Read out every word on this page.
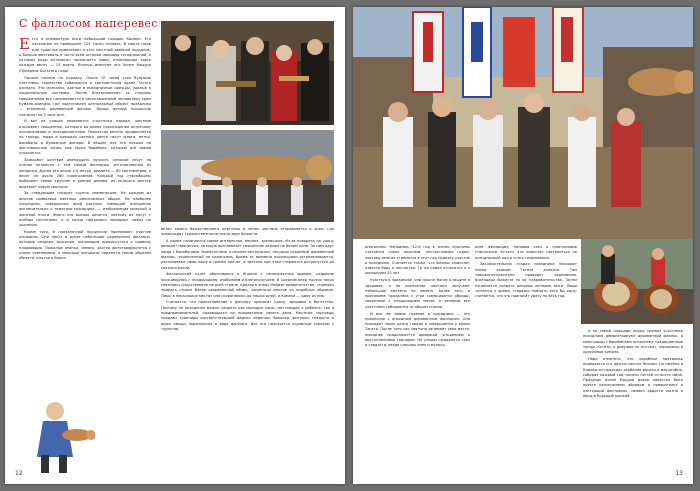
С фаллосом наперевес
Е сть в префектуре Аити небольшой городок Комаки. Его население не превышает 125 тысяч человек. В марте сюда для туристов привлекает в этот местный двойной праздник, а больше фестиваль в честь всей истории природы сегодняшний, о котором рады интересно посмотреть люди, отмечающие здесь каждую весну — 15 марта. Японцы именуют его Хонэн Мацури (Праздник Богатого года).

Однако начнем по порядку. Около 10 часов утра будущие участники торжества собираются в синтоистском храме Тагата дзиндзя. Это мужчины, одетые в праздничные одежды, удалые в национальные костюмы. После благословения со стороны священников все направляются в расположенный неподалеку храм Кумано-дзиндзя, где подготовлен центральный объект праздника — огромный деревянный фаллос. Выход данной процессии назначен на 2 часа дня.

И вот на улицах появляется участники парада, шествие открывает священник, которого во время прохождения встречают песнопениями и аплодисментами. Процессия весело продвигается по городу, люди в одеждах разного цвета несут флаги, ветки, барабаны и бумажные фонари. В общем, все это похоже на фестивальный танец под звуки барабана, который всё время ускоряется.

Замыкают шествие двенадцать мужчин, которые несут на плечах паланкин с тем самым фаллосом, изготовленным из кипариса. Длина его около 2,5 метра, диаметр — 60 сантиметров, а весит он около 280 килограммов. Каждый год старейшины выбирают самое крупное и ровное дерево, из которого мастер вырезает новую святыню.

За следующим следует группа знаменосцев. На каждом из флагов символика местных религиозных общин. Но наиболее популярны, совершенно иной рисунок, имеющий отношение исключительно к тематике праздника, — изображения мужской и женской плоти. Флаги эти высоко ценятся, поэтому их несут с особым почтением, а в конце праздника передают храму на хранение.

Кроме того, в праздничной процессии принимают участие женщины. Они несут в руках небольшие деревянные фаллосы, которые раздают зрителям, желающим прикоснуться к символу плодородия. Пожилые японки, смеясь, охотно фотографируются с этими сувенирами, а молодые женщины надеются таким образом обрести счастье в браке.

велит своего божественного партнера и затем шествие отправляется в храм, где происходит торжественная встреча двух божеств.

А далее начинается самое интересное, вернее, зрелищное. Из-за поворота на улицу выходит процессия, которую возглавляет священник верхом на белом коне. За ним идут люди с барабанами, флейтистами и множество мужчин, несущих огромный деревянный фаллос, укрепленный на паланкине. Время от времени носильщики останавливаются, раскачивают свою ношу и громко кричат, а зрители при этом стараются дотронуться до святыни рукой.

Фаллический культ обосновался в Японии с незапамятных времен, издревле ассоциируясь с плодородием, изобилием и благополучием. В Средние века тысячи таких святилищ существовали по всей стране, однако в эпоху Мэйдзи правительство, стремясь придать стране более современный облик, запретило многие из подобных обрядов. Лишь в нескольких местах они сохранились до наших дней, и Комаки — одно из них.

Считается, что прикосновение к фаллосу приносит удачу, здоровье и богатство. Поэтому на празднике можно увидеть как молодые пары, мечтающие о ребенке, так и предпринимателей, надеющихся на процветание своего дела. Местные торговцы продают сувениры соответствующей формы: леденцы, брелоки, фигурки, сладости и даже овощи, вырезанные в виде фаллоса. Все это пользуется огромным спросом у туристов.

12

описанием. Например, 42-й год в жизни мужчины считается очень опасным, несчастливым годом, поэтому многие стремятся в этот год принять участие в празднике. Считается также, что фаллос помогает отвести беду и несчастья. То же самое относится и к женщинам 33 лет.

Участвуя в празднике, они просят богов о защите и здоровье, а по окончании шествия получают небольшие амулеты на память. Более того, в программе праздника с утра совершаются обряды, связанные с плодородием земли, а вечером все участники собираются за общим столом.

И все же самое главное в празднике — это процессия с огромным деревянным фаллосом. Она проходит через центр города и завершается у храма Тагата. После того как святыня занимает свое место, праздник продолжается ярмаркой, угощением и выступлениями танцоров. На улицах продаются сакэ и сладости, везде слышны смех и музыка.

всех желающих, наливая сакэ в пластиковые стаканчики. Кстати, это помогает настроиться на праздничный лад и снять напряжение.

Заключительная стадия праздника проходит перед храмом Тагата дзиндзя. Там священнослужители проводят церемонию, благодаря божеств за их покровительство. Затем начинается раздача рисовых лепешек моти. Люди толпятся у храма, стараясь поймать хотя бы одну: считается, что это приносит удачу на весь год.

А на самой площади перед храмом участники праздника демонстрируют деревянный фаллос, а мальчишки с барабанами исполняют традиционные танцы. Кстати, и девушки не отстают, наряжаясь в красочные кимоно.

Надо отметить, что подобные праздники проводятся и в других местах Японии. Но именно в Комаки он проходит особенно весело и масштабно, собирая каждый год тысячи гостей со всего мира. Праздник Хонэн Мацури давно перестал быть просто религиозным обрядом и превратился в настоящий фестиваль, символ радости жизни и веры в будущий урожай.

13
